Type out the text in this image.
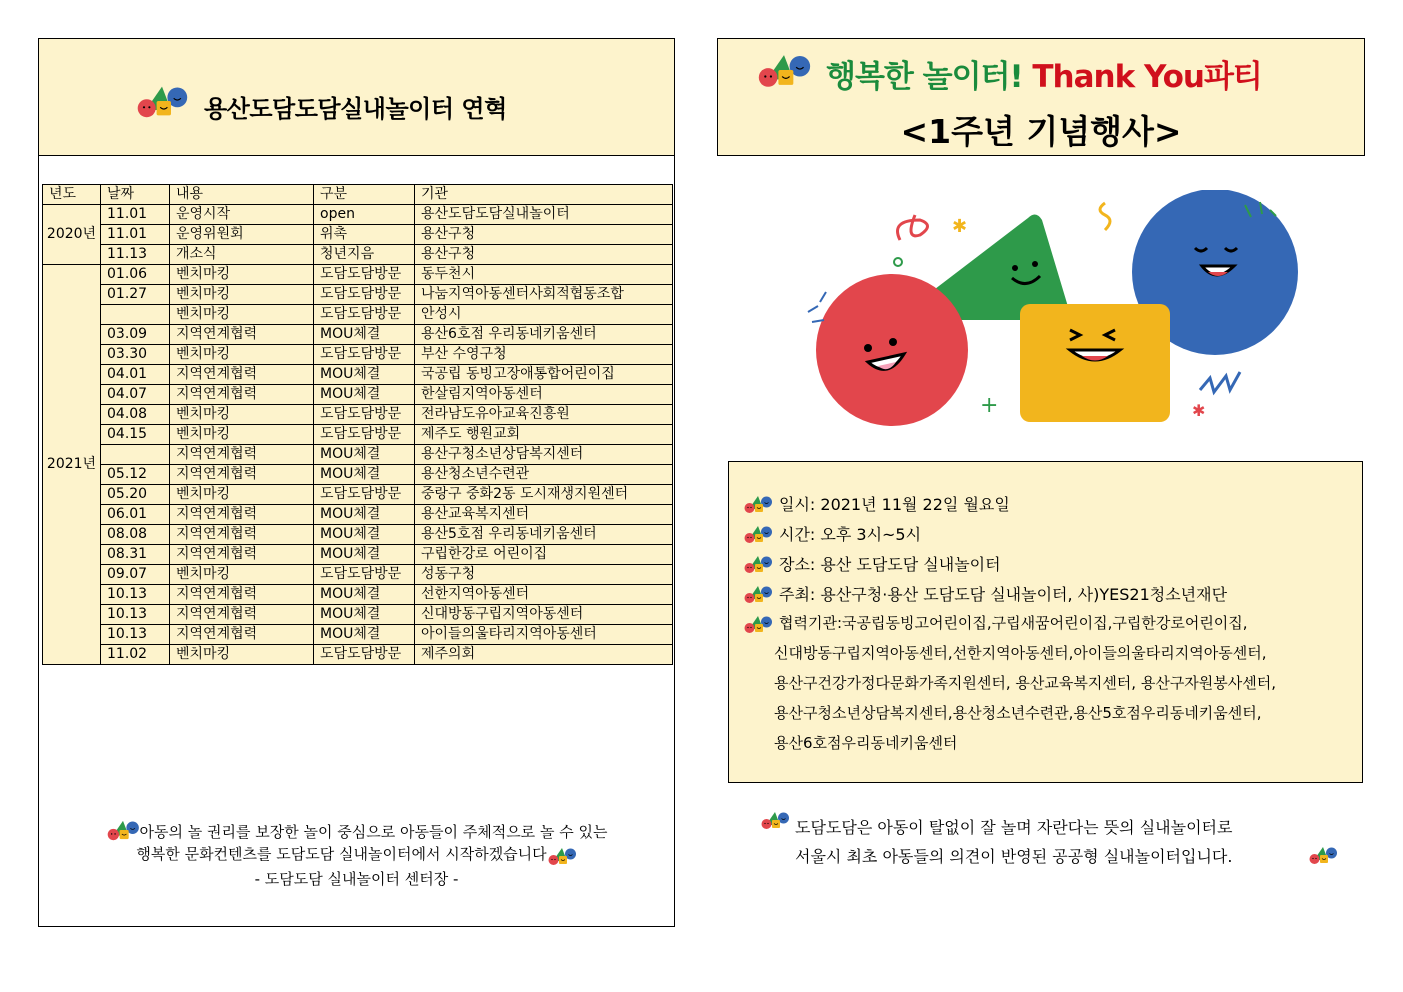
용산도담도담실내놀이터 연혁
년도	날짜	내용	구분	기관
2020년	11.01	운영시작	open	용산도담도담실내놀이터
	11.01	운영위원회	위촉	용산구청
	11.13	개소식	청년지음	용산구청
2021년	01.06	벤치마킹	도담도담방문	동두천시
	01.27	벤치마킹	도담도담방문	나눔지역아동센터사회적협동조합
		벤치마킹	도담도담방문	안성시
	03.09	지역연계협력	MOU체결	용산6호점 우리동네키움센터
	03.30	벤치마킹	도담도담방문	부산 수영구청
	04.01	지역연계협력	MOU체결	국공립 동빙고장애통합어린이집
	04.07	지역연계협력	MOU체결	한살림지역아동센터
	04.08	벤치마킹	도담도담방문	전라남도유아교육진흥원
	04.15	벤치마킹	도담도담방문	제주도 행원교회
		지역연계협력	MOU체결	용산구청소년상담복지센터
	05.12	지역연계협력	MOU체결	용산청소년수련관
	05.20	벤치마킹	도담도담방문	중랑구 중화2동 도시재생지원센터
	06.01	지역연계협력	MOU체결	용산교육복지센터
	08.08	지역연계협력	MOU체결	용산5호점 우리동네키움센터
	08.31	지역연계협력	MOU체결	구립한강로 어린이집
	09.07	벤치마킹	도담도담방문	성동구청
	10.13	지역연계협력	MOU체결	선한지역아동센터
	10.13	지역연계협력	MOU체결	신대방동구립지역아동센터
	10.13	지역연계협력	MOU체결	아이들의울타리지역아동센터
	11.02	벤치마킹	도담도담방문	제주의회
아동의 놀 권리를 보장한 놀이 중심으로 아동들이 주체적으로 놀 수 있는
행복한 문화컨텐츠를 도담도담 실내놀이터에서 시작하겠습니다
- 도담도담 실내놀이터 센터장 -
행복한 놀이터! Thank You파티
<1주년 기념행사>
✱
✱
+
일시: 2021년 11월 22일 월요일
시간: 오후 3시~5시
장소: 용산 도담도담 실내놀이터
주최: 용산구청·용산 도담도담 실내놀이터, 사)YES21청소년재단
협력기관:국공립동빙고어린이집,구립새꿈어린이집,구립한강로어린이집,
신대방동구립지역아동센터,선한지역아동센터,아이들의울타리지역아동센터,
용산구건강가정다문화가족지원센터, 용산교육복지센터, 용산구자원봉사센터,
용산구청소년상담복지센터,용산청소년수련관,용산5호점우리동네키움센터,
용산6호점우리동네키움센터
도담도담은 아동이 탈없이 잘 놀며 자란다는 뜻의 실내놀이터로
서울시 최초 아동들의 의견이 반영된 공공형 실내놀이터입니다.
